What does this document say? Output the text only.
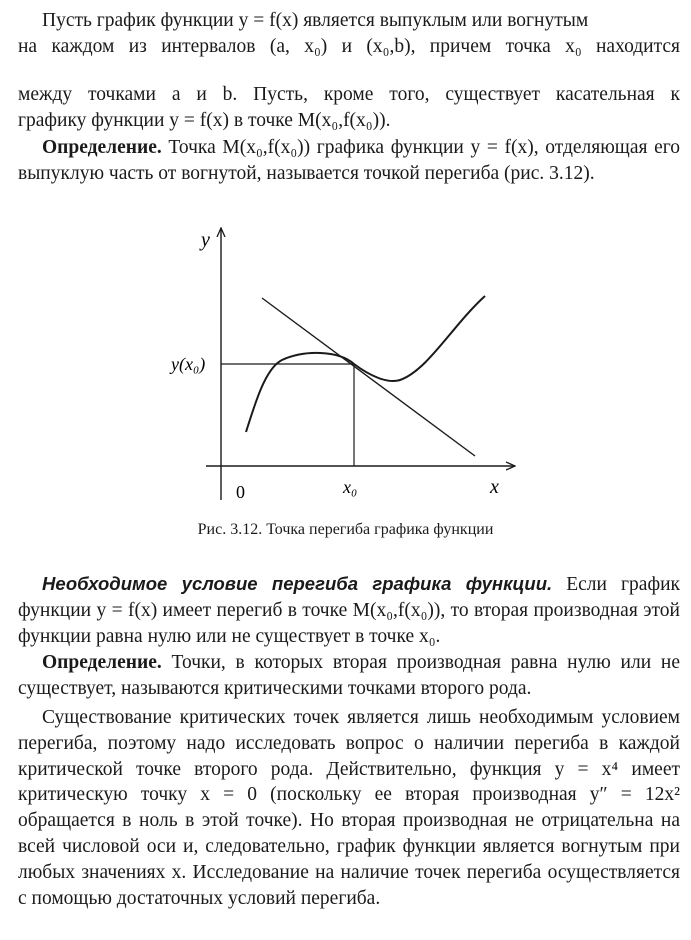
Пусть график функции y = f(x) является выпуклым или вогнутым

на каждом из интервалов (a, x₀) и (x₀,b), причем точка x₀ находится

между точками a и b. Пусть, кроме того, существует касательная к

графику функции y = f(x) в точке M(x₀,f(x₀)).

Определение. Точка M(x₀,f(x₀)) графика функции y = f(x), отделяющая его выпуклую часть от вогнутой, называется точкой перегиба (рис. 3.12).

y
x
0	x₀
y(x₀)

Рис. 3.12. Точка перегиба графика функции

Необходимое условие перегиба графика функции. Если график функции y = f(x) имеет перегиб в точке M(x₀,f(x₀)), то вторая производная этой функции равна нулю или не существует в точке x₀.

Определение. Точки, в которых вторая производная равна нулю или не существует, называются критическими точками второго рода.

Существование критических точек является лишь необходимым условием перегиба, поэтому надо исследовать вопрос о наличии перегиба в каждой критической точке второго рода. Действительно, функция y = x⁴ имеет критическую точку x = 0 (поскольку ее вторая производная y″ = 12x² обращается в ноль в этой точке). Но вторая производная не отрицательна на всей числовой оси и, следовательно, график функции является вогнутым при любых значениях x. Исследование на наличие точек перегиба осуществляется с помощью достаточных условий перегиба.
